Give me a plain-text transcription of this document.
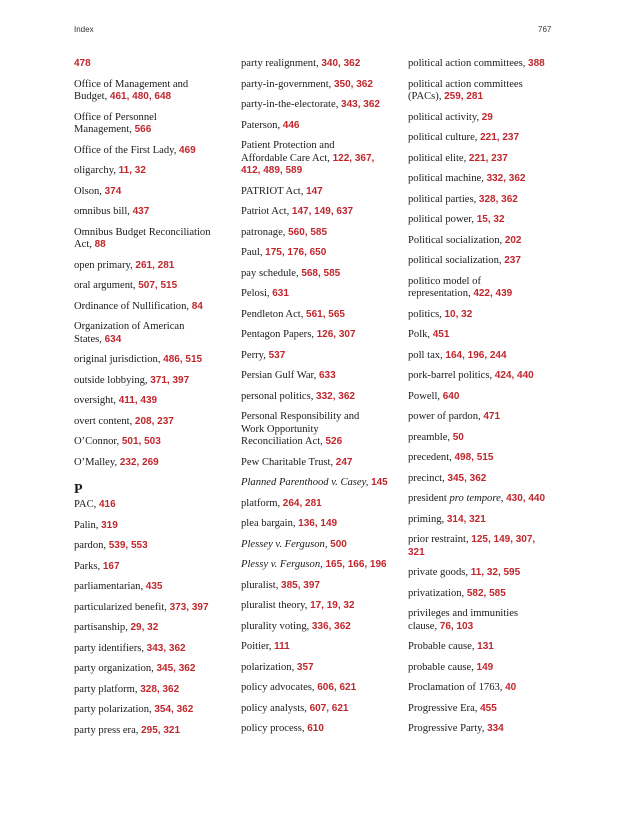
Index	767
478
Office of Management and
Budget, 461, 480, 648
Office of Personnel
Management, 566
Office of the First Lady, 469
oligarchy, 11, 32
Olson, 374
omnibus bill, 437
Omnibus Budget Reconciliation
Act, 88
open primary, 261, 281
oral argument, 507, 515
Ordinance of Nullification, 84
Organization of American
States, 634
original jurisdiction, 486, 515
outside lobbying, 371, 397
oversight, 411, 439
overt content, 208, 237
O’Connor, 501, 503
O’Malley, 232, 269
P
PAC, 416
Palin, 319
pardon, 539, 553
Parks, 167
parliamentarian, 435
particularized benefit, 373, 397
partisanship, 29, 32
party identifiers, 343, 362
party organization, 345, 362
party platform, 328, 362
party polarization, 354, 362
party press era, 295, 321
party realignment, 340, 362
party-in-government, 350, 362
party-in-the-electorate, 343, 362
Paterson, 446
Patient Protection and
Affordable Care Act, 122, 367,
412, 489, 589
PATRIOT Act, 147
Patriot Act, 147, 149, 637
patronage, 560, 585
Paul, 175, 176, 650
pay schedule, 568, 585
Pelosi, 631
Pendleton Act, 561, 565
Pentagon Papers, 126, 307
Perry, 537
Persian Gulf War, 633
personal politics, 332, 362
Personal Responsibility and
Work Opportunity
Reconciliation Act, 526
Pew Charitable Trust, 247
Planned Parenthood v. Casey, 145
platform, 264, 281
plea bargain, 136, 149
Plessey v. Ferguson, 500
Plessy v. Ferguson, 165, 166, 196
pluralist, 385, 397
pluralist theory, 17, 19, 32
plurality voting, 336, 362
Poitier, 111
polarization, 357
policy advocates, 606, 621
policy analysts, 607, 621
policy process, 610
political action committees, 388
political action committees
(PACs), 259, 281
political activity, 29
political culture, 221, 237
political elite, 221, 237
political machine, 332, 362
political parties, 328, 362
political power, 15, 32
Political socialization, 202
political socialization, 237
politico model of
representation, 422, 439
politics, 10, 32
Polk, 451
poll tax, 164, 196, 244
pork-barrel politics, 424, 440
Powell, 640
power of pardon, 471
preamble, 50
precedent, 498, 515
precinct, 345, 362
president pro tempore, 430, 440
priming, 314, 321
prior restraint, 125, 149, 307,
321
private goods, 11, 32, 595
privatization, 582, 585
privileges and immunities
clause, 76, 103
Probable cause, 131
probable cause, 149
Proclamation of 1763, 40
Progressive Era, 455
Progressive Party, 334
